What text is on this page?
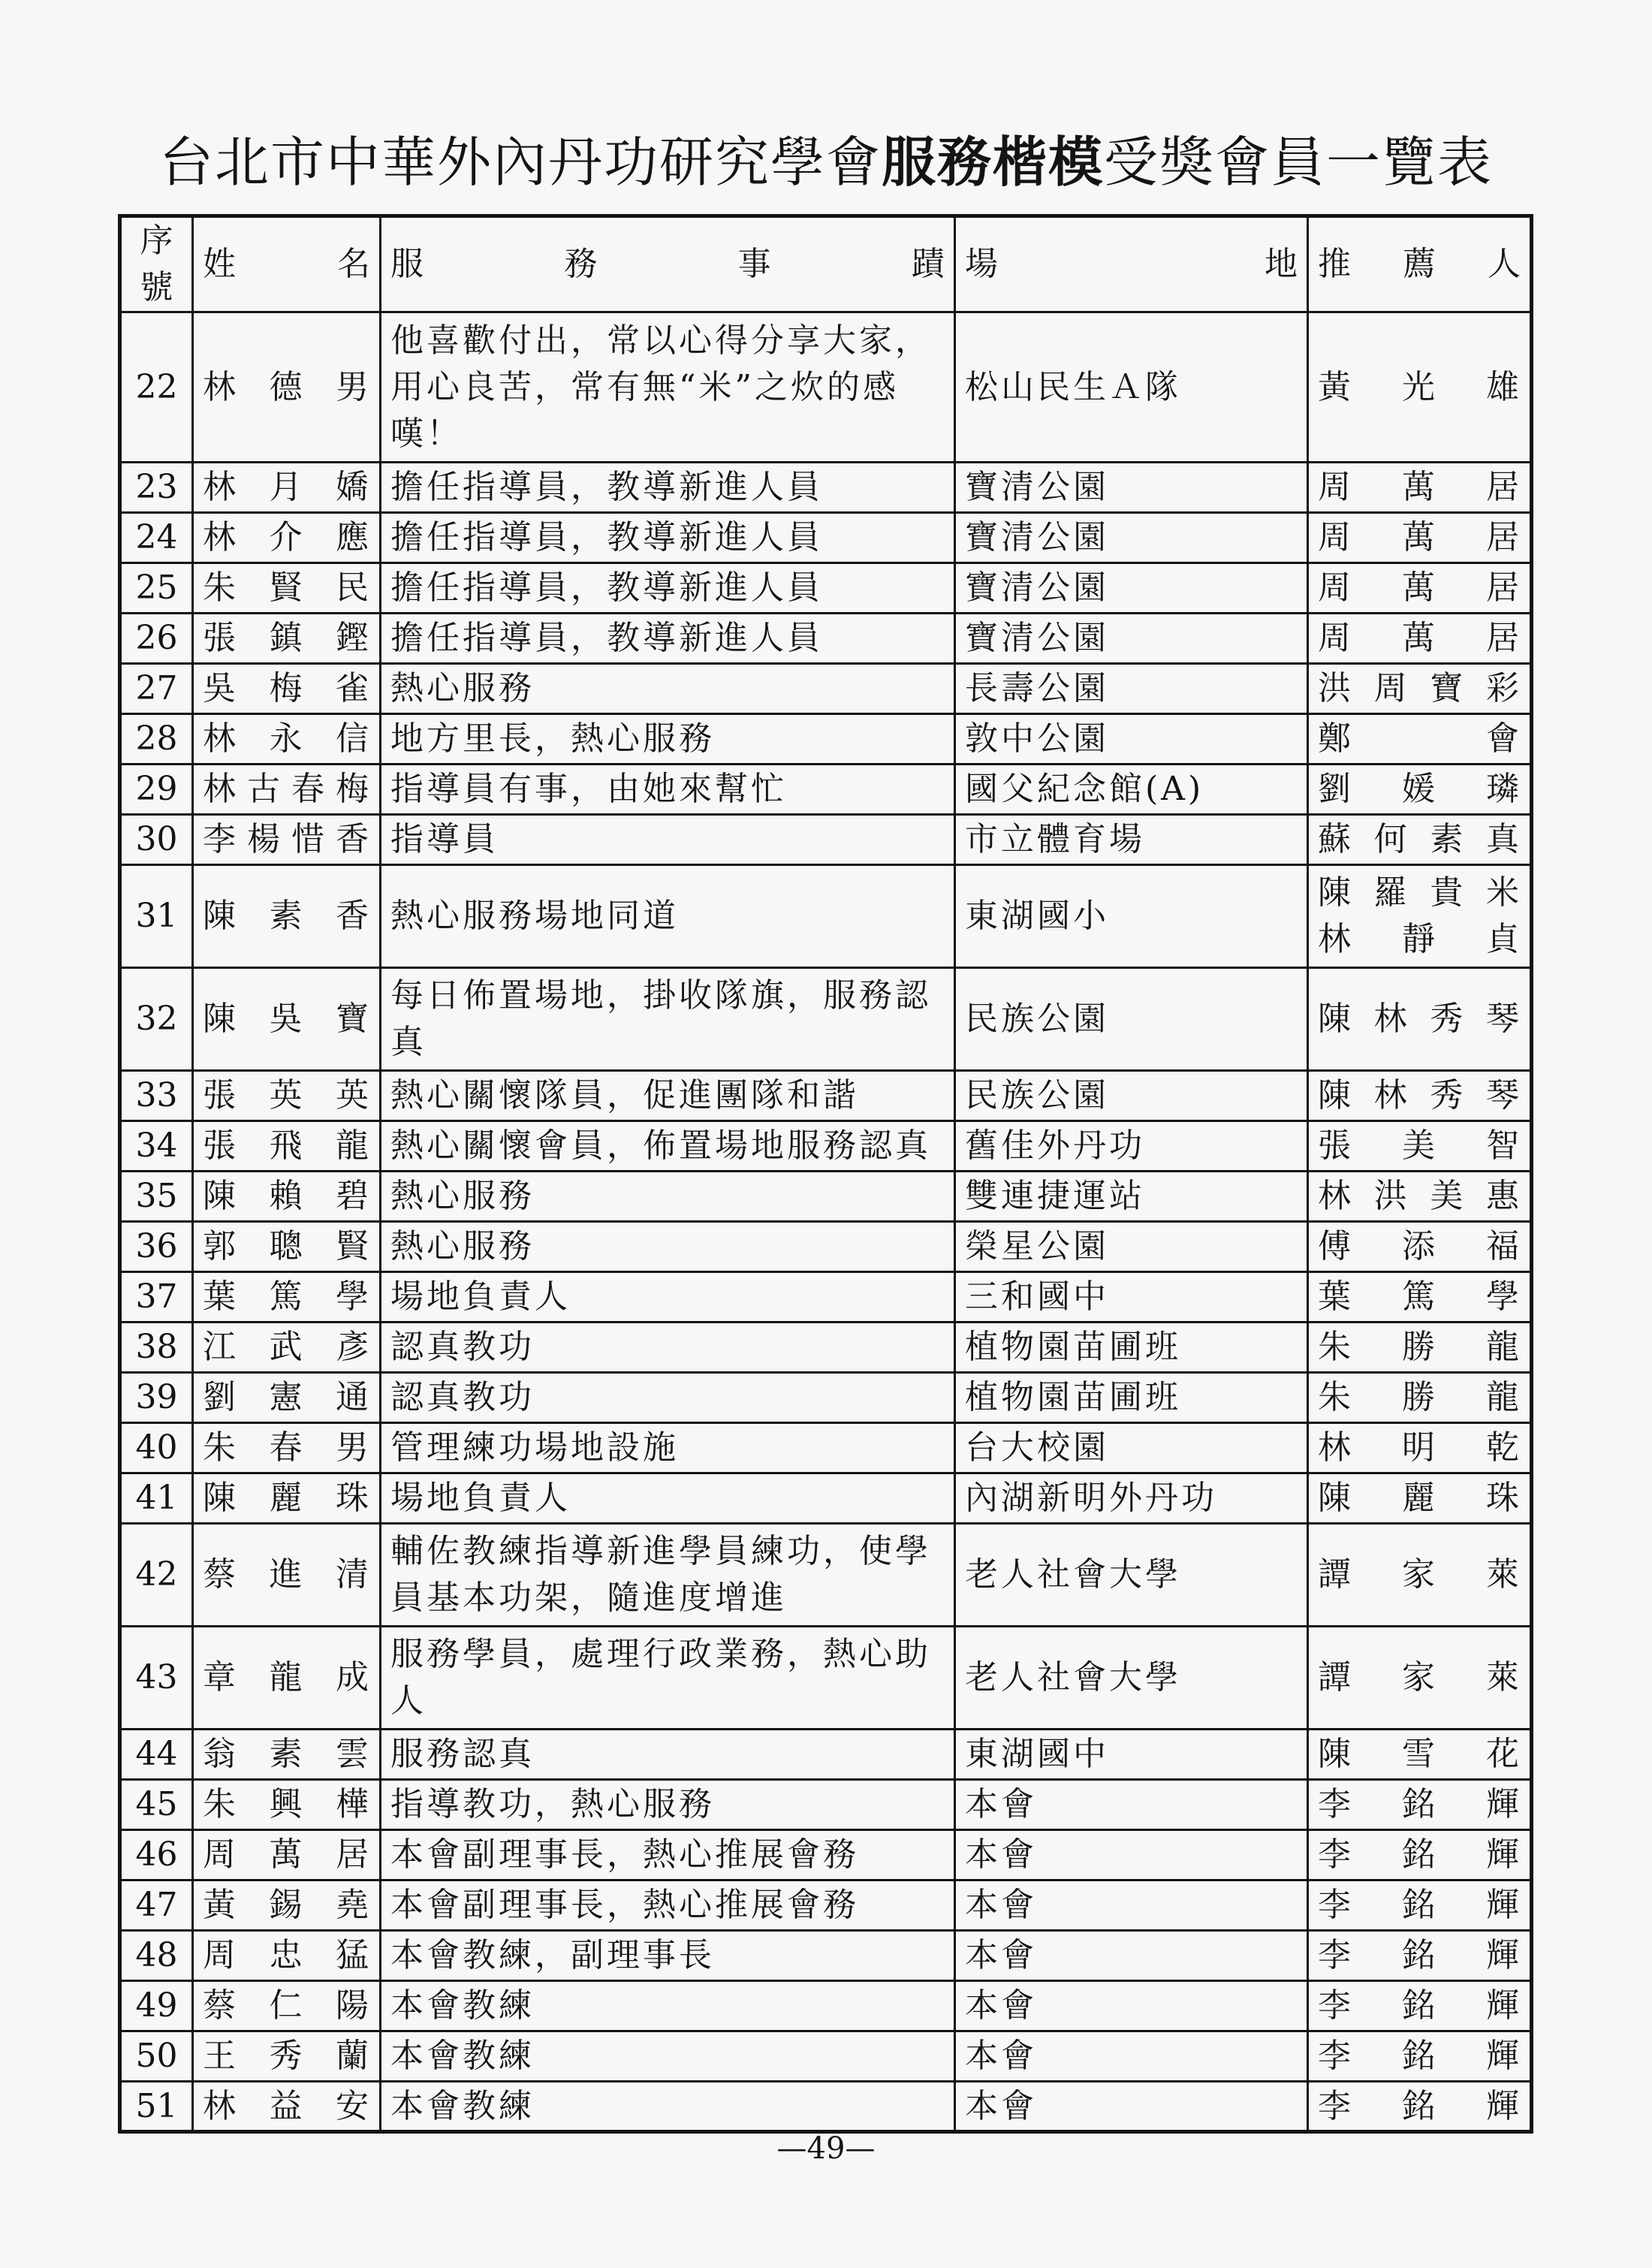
台北市中華外內丹功研究學會服務楷模受獎會員一覽表
序號	姓　名	服　務　事　蹟	場　　地	推薦人
22	林德男	他喜歡付出，常以心得分享大家，用心良苦，常有無“米”之炊的感嘆！	松山民生Ａ隊	黃光雄

23	林月嬌	擔任指導員，教導新進人員	寶清公園	周萬居

24	林介應	擔任指導員，教導新進人員	寶清公園	周萬居

25	朱賢民	擔任指導員，教導新進人員	寶清公園	周萬居

26	張鎮鏗	擔任指導員，教導新進人員	寶清公園	周萬居

27	吳梅雀	熱心服務	長壽公園	洪周寶彩

28	林永信	地方里長，熱心服務	敦中公園	鄭會

29	林古春梅	指導員有事，由她來幫忙	國父紀念館(A)	劉媛璘

30	李楊惜香	指導員	市立體育場	蘇何素真

31	陳素香	熱心服務場地同道	東湖國小	陳羅貴米
林靜貞

32	陳吳寶	每日佈置場地，掛收隊旗，服務認真	民族公園	陳林秀琴

33	張英英	熱心關懷隊員，促進團隊和諧	民族公園	陳林秀琴

34	張飛龍	熱心關懷會員，佈置場地服務認真	舊佳外丹功	張美智

35	陳賴碧	熱心服務	雙連捷運站	林洪美惠

36	郭聰賢	熱心服務	榮星公園	傅添福

37	葉篤學	場地負責人	三和國中	葉篤學

38	江武彥	認真教功	植物園苗圃班	朱勝龍

39	劉憲通	認真教功	植物園苗圃班	朱勝龍

40	朱春男	管理練功場地設施	台大校園	林明乾

41	陳麗珠	場地負責人	內湖新明外丹功	陳麗珠

42	蔡進清	輔佐教練指導新進學員練功，使學員基本功架，隨進度增進	老人社會大學	譚家萊

43	章龍成	服務學員，處理行政業務，熱心助人	老人社會大學	譚家萊

44	翁素雲	服務認真	東湖國中	陳雪花

45	朱興樺	指導教功，熱心服務	本會	李銘輝

46	周萬居	本會副理事長，熱心推展會務	本會	李銘輝

47	黃錫堯	本會副理事長，熱心推展會務	本會	李銘輝

48	周忠猛	本會教練，副理事長	本會	李銘輝

49	蔡仁陽	本會教練	本會	李銘輝

50	王秀蘭	本會教練	本會	李銘輝

51	林益安	本會教練	本會	李銘輝
—49—
